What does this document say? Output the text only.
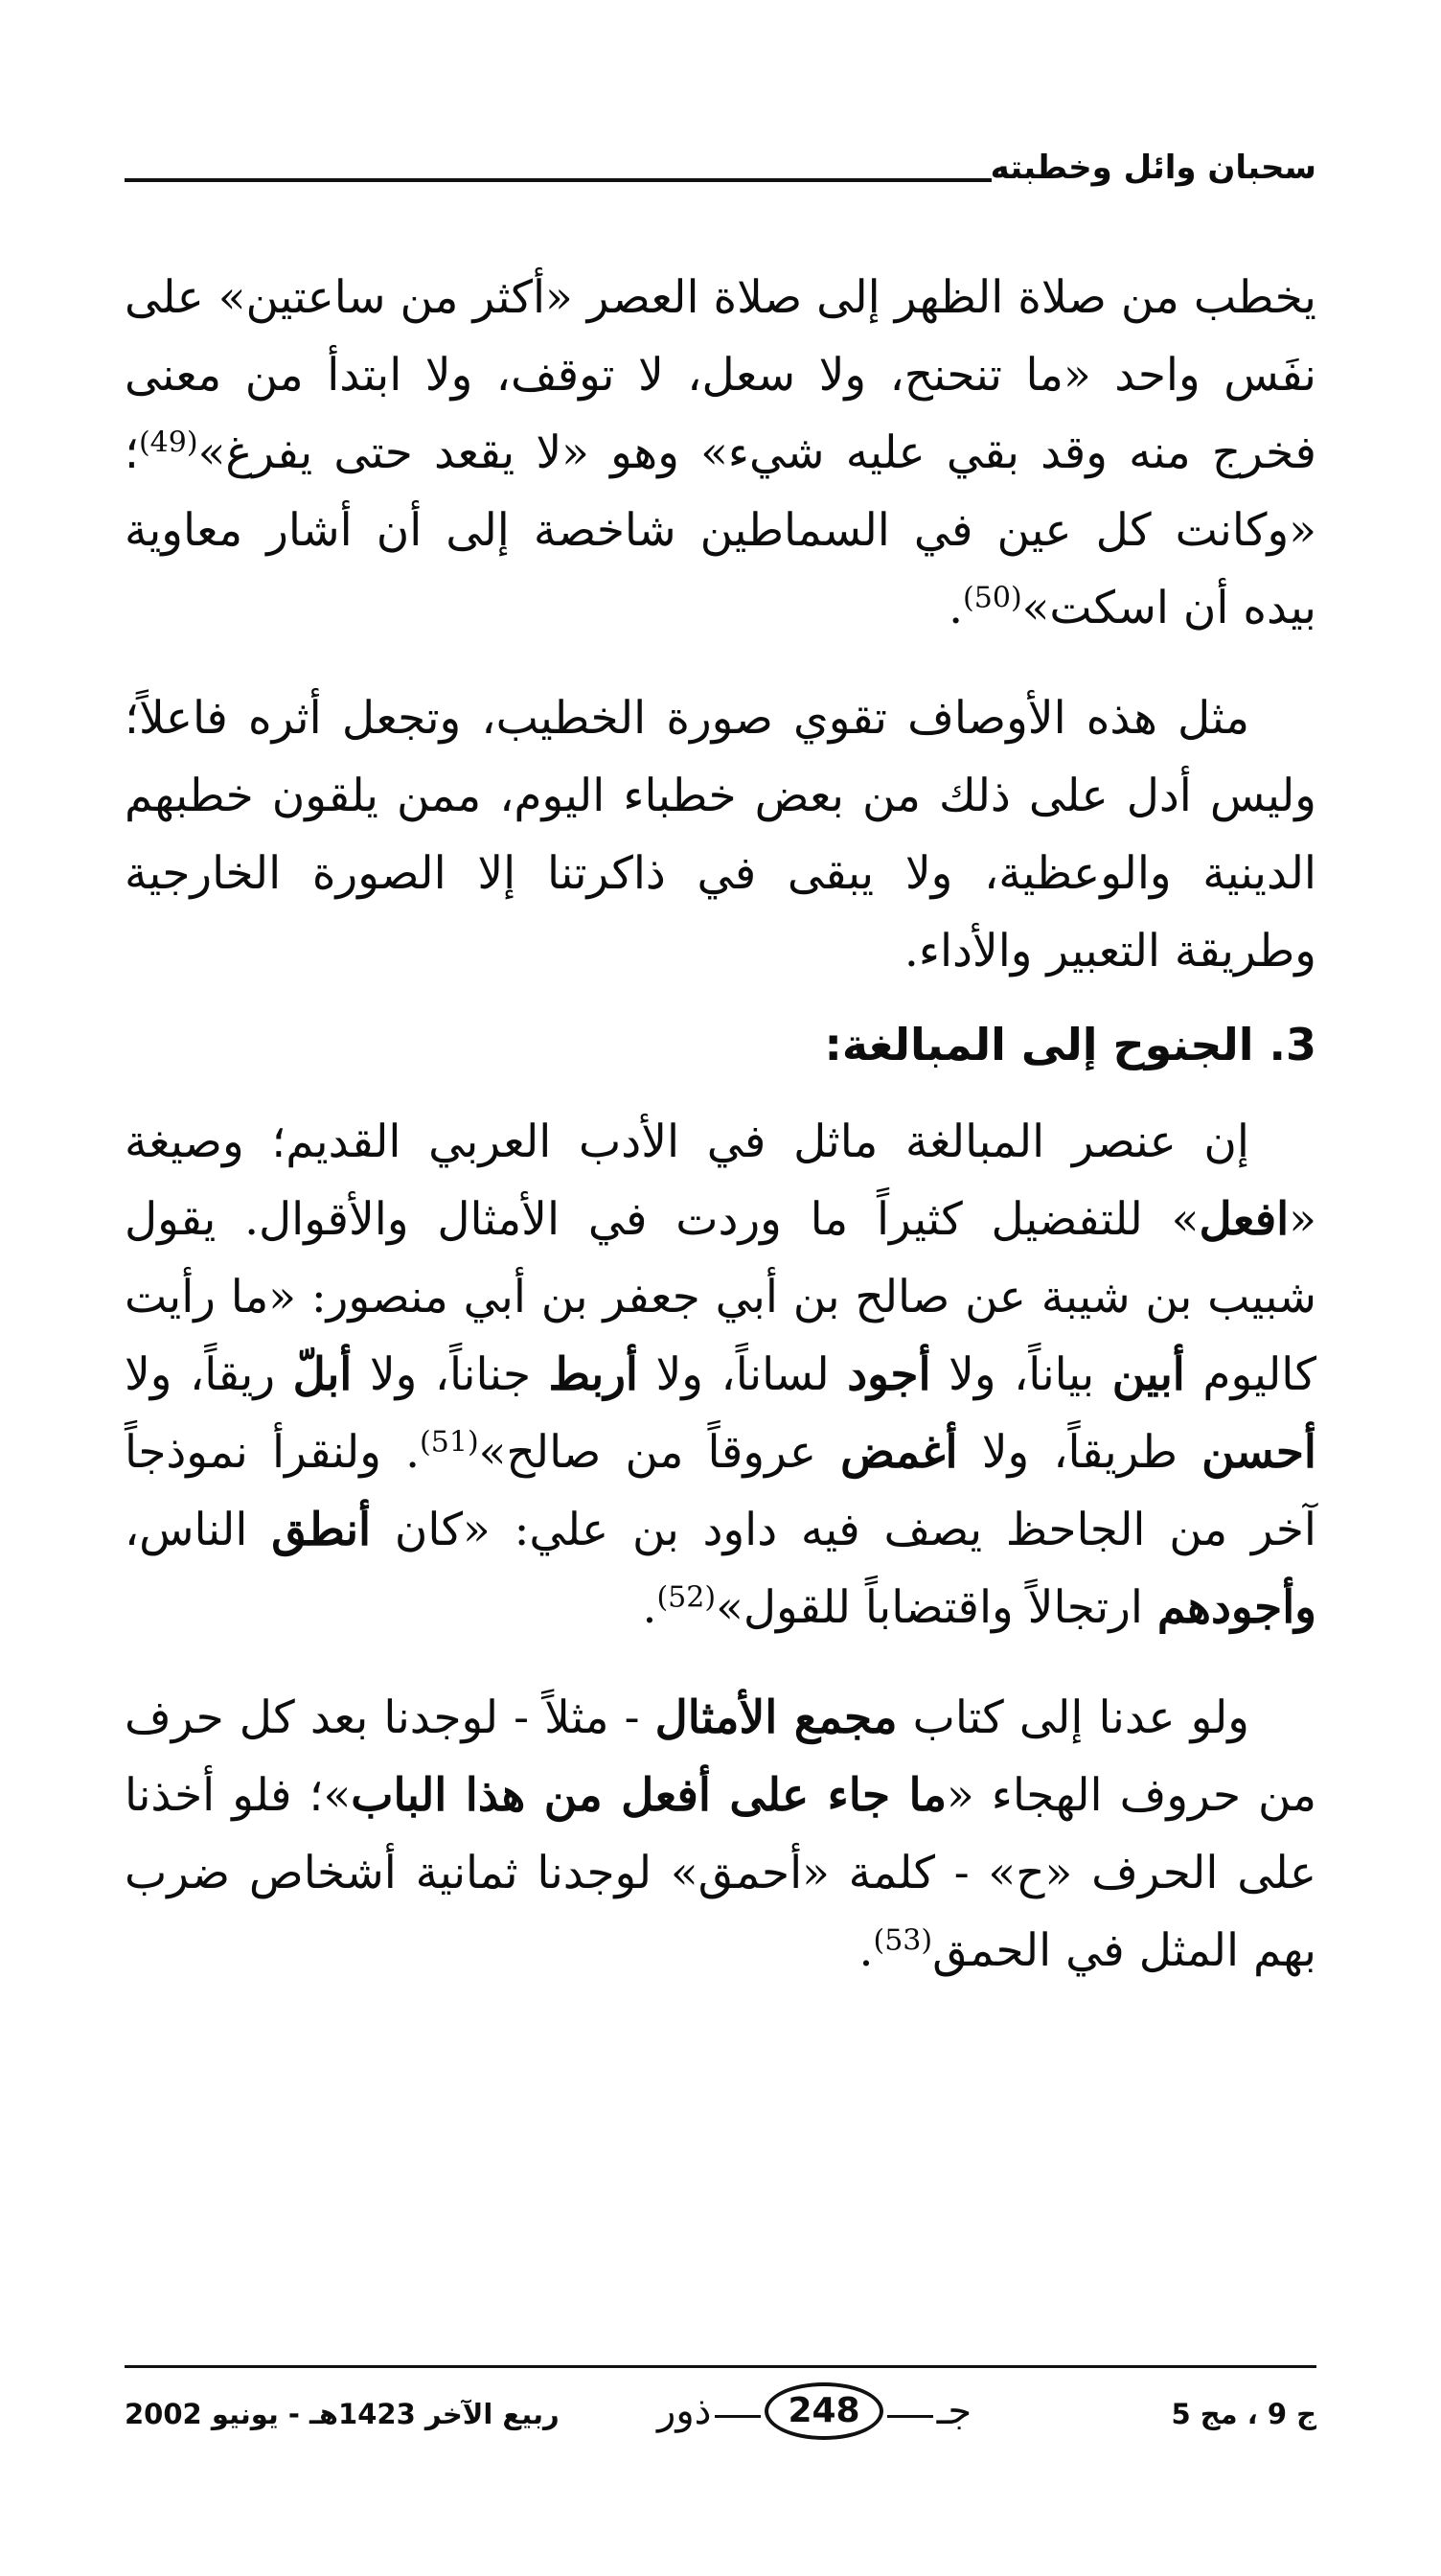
سحبان وائل وخطبته

يخطب من صلاة الظهر إلى صلاة العصر «أكثر من ساعتين» على نفَس واحد «ما تنحنح، ولا سعل، لا توقف، ولا ابتدأ من معنى فخرج منه وقد بقي عليه شيء» وهو «لا يقعد حتى يفرغ»$^{(49)}$؛ «وكانت كل عين في السماطين شاخصة إلى أن أشار معاوية بيده أن اسكت»$^{(50)}$.

مثل هذه الأوصاف تقوي صورة الخطيب، وتجعل أثره فاعلاً؛ وليس أدل على ذلك من بعض خطباء اليوم، ممن يلقون خطبهم الدينية والوعظية، ولا يبقى في ذاكرتنا إلا الصورة الخارجية وطريقة التعبير والأداء.

3. الجنوح إلى المبالغة:

إن عنصر المبالغة ماثل في الأدب العربي القديم؛ وصيغة «افعل» للتفضيل كثيراً ما وردت في الأمثال والأقوال. يقول شبيب بن شيبة عن صالح بن أبي جعفر بن أبي منصور: «ما رأيت كاليوم أبين بياناً، ولا أجود لساناً، ولا أربط جناناً، ولا أبلّ ريقاً، ولا أحسن طريقاً، ولا أغمض عروقاً من صالح»$^{(51)}$. ولنقرأ نموذجاً آخر من الجاحظ يصف فيه داود بن علي: «كان أنطق الناس، وأجودهم ارتجالاً واقتضاباً للقول»$^{(52)}$.

ولو عدنا إلى كتاب مجمع الأمثال - مثلاً - لوجدنا بعد كل حرف من حروف الهجاء «ما جاء على أفعل من هذا الباب»؛ فلو أخذنا على الحرف «ح» - كلمة «أحمق» لوجدنا ثمانية أشخاص ضرب بهم المثل في الحمق$^{(53)}$.

ج 9 ، مج 5
جـ
248
ذور
ربيع الآخر 1423هـ - يونيو 2002
